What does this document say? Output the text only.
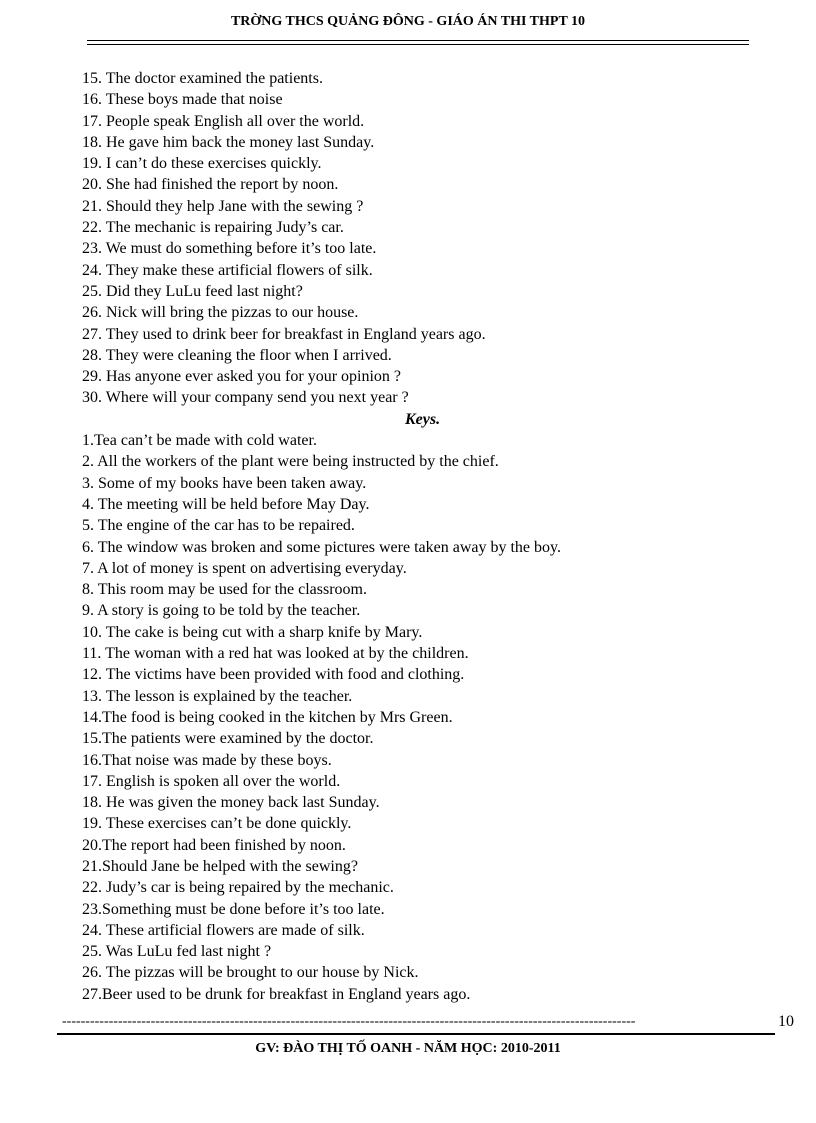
TRỜNG THCS QUẢNG ĐÔNG - GIÁO ÁN THI THPT 10
15. The doctor examined the patients.
16. These boys made that noise
17. People speak English all over the world.
18. He gave him back the money last Sunday.
19. I can’t do these exercises quickly.
20. She had finished the report by noon.
21. Should they help Jane with the sewing ?
22. The mechanic is repairing Judy’s car.
23. We must do something before it’s too late.
24. They make these artificial flowers of silk.
25. Did they LuLu feed last night?
26. Nick will bring the pizzas to our house.
27. They used to drink beer for breakfast in England years ago.
28. They were cleaning the floor when I arrived.
29. Has anyone ever asked you for your opinion ?
30. Where will your company send you next year ?
Keys.
1.Tea can’t be made with cold water.
2. All the workers of the plant were being instructed by the chief.
3. Some of my books have been taken away.
4. The meeting will be held before May Day.
5. The engine of the car has to be repaired.
6. The window was broken and some pictures were taken away by the boy.
7. A lot of money is spent on advertising everyday.
8. This room may be used for the classroom.
9. A story is going to be told by the teacher.
10. The cake is being cut with a sharp knife by Mary.
11. The woman with a red hat was looked at by the children.
12. The victims have been provided with food and clothing.
13. The lesson is explained by the teacher.
14.The food is being cooked in the kitchen by Mrs Green.
15.The patients were examined by the doctor.
16.That noise was made by these boys.
17. English is spoken all over the world.
18. He was given the money back last Sunday.
19. These exercises can’t be done quickly.
20.The report had been finished by noon.
21.Should Jane be helped with the sewing?
22. Judy’s car is being repaired by the mechanic.
23.Something must be done before it’s too late.
24. These artificial flowers are made of silk.
25. Was LuLu fed last night ?
26. The pizzas will be brought to our house by Nick.
27.Beer used to be drunk for breakfast in England years ago.
---------------------------------------------------------------------------------------------------------------------------	10
GV: ĐÀO THỊ TỐ OANH - NĂM HỌC: 2010-2011
